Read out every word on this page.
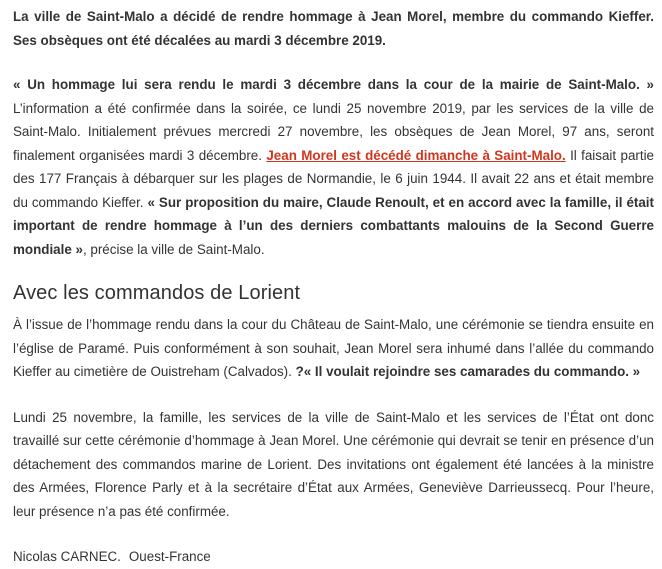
La ville de Saint-Malo a décidé de rendre hommage à Jean Morel, membre du commando Kieffer. Ses obsèques ont été décalées au mardi 3 décembre 2019.

« Un hommage lui sera rendu le mardi 3 décembre dans la cour de la mairie de Saint-Malo. » L’information a été confirmée dans la soirée, ce lundi 25 novembre 2019, par les services de la ville de Saint-Malo. Initialement prévues mercredi 27 novembre, les obsèques de Jean Morel, 97 ans, seront finalement organisées mardi 3 décembre. Jean Morel est décédé dimanche à Saint-Malo. Il faisait partie des 177 Français à débarquer sur les plages de Normandie, le 6 juin 1944. Il avait 22 ans et était membre du commando Kieffer. « Sur proposition du maire, Claude Renoult, et en accord avec la famille, il était important de rendre hommage à l’un des derniers combattants malouins de la Second Guerre mondiale », précise la ville de Saint-Malo.

Avec les commandos de Lorient

À l’issue de l’hommage rendu dans la cour du Château de Saint-Malo, une cérémonie se tiendra ensuite en l’église de Paramé. Puis conformément à son souhait, Jean Morel sera inhumé dans l’allée du commando Kieffer au cimetière de Ouistreham (Calvados). ?« Il voulait rejoindre ses camarades du commando. »

Lundi 25 novembre, la famille, les services de la ville de Saint-Malo et les services de l’État ont donc travaillé sur cette cérémonie d’hommage à Jean Morel. Une cérémonie qui devrait se tenir en présence d’un détachement des commandos marine de Lorient. Des invitations ont également été lancées à la ministre des Armées, Florence Parly et à la secrétaire d’État aux Armées, Geneviève Darrieussecq. Pour l’heure, leur présence n’a pas été confirmée.

Nicolas CARNEC. Ouest-France
